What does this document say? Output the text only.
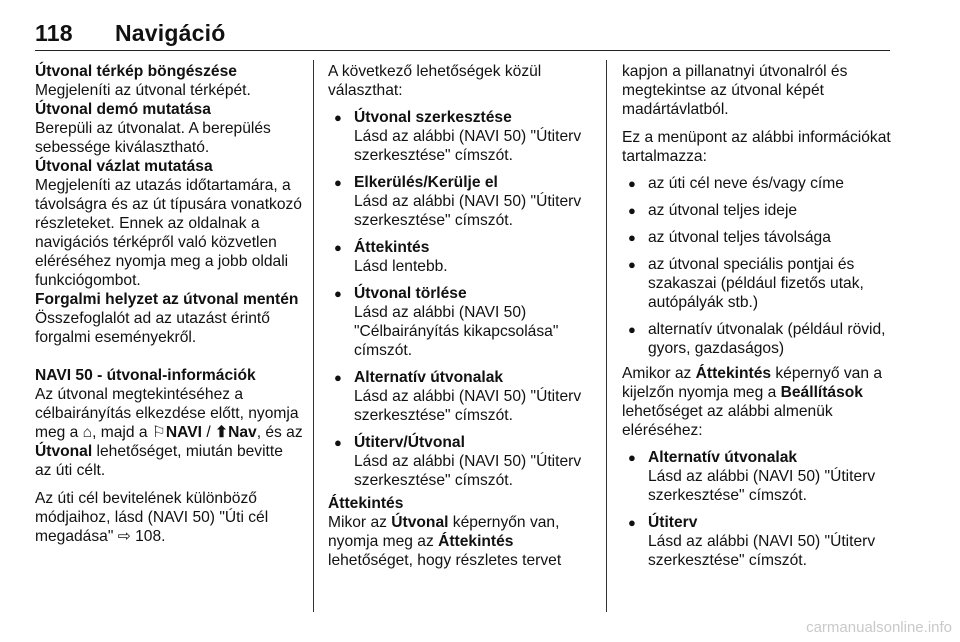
118 Navigáció
Útvonal térkép böngészése
Megjeleníti az útvonal térképét.
Útvonal demó mutatása
Berepüli az útvonalat. A berepülés sebessége kiválasztható.
Útvonal vázlat mutatása
Megjeleníti az utazás időtartamára, a távolságra és az út típusára vonatkozó részleteket. Ennek az oldalnak a navigációs térképről való közvetlen eléréséhez nyomja meg a jobb oldali funkciógombot.
Forgalmi helyzet az útvonal mentén
Összefoglalót ad az utazást érintő forgalmi eseményekről.
NAVI 50 - útvonal-információk
Az útvonal megtekintéséhez a célbairányítás elkezdése előtt, nyomja meg a ⌂, majd a ⚐NAVI / ⬆Nav, és az Útvonal lehetőséget, miután bevitte az úti célt.
Az úti cél bevitelének különböző módjaihoz, lásd (NAVI 50) "Úti cél megadása" ⇨ 108.
A következő lehetőségek közül választhat:
● Útvonal szerkesztése
Lásd az alábbi (NAVI 50) "Útiterv szerkesztése" címszót.
● Elkerülés/Kerülje el
Lásd az alábbi (NAVI 50) "Útiterv szerkesztése" címszót.
● Áttekintés
Lásd lentebb.
● Útvonal törlése
Lásd az alábbi (NAVI 50) "Célbairányítás kikapcsolása" címszót.
● Alternatív útvonalak
Lásd az alábbi (NAVI 50) "Útiterv szerkesztése" címszót.
● Útiterv/Útvonal
Lásd az alábbi (NAVI 50) "Útiterv szerkesztése" címszót.
Áttekintés
Mikor az Útvonal képernyőn van, nyomja meg az Áttekintés lehetőséget, hogy részletes tervet
kapjon a pillanatnyi útvonalról és megtekintse az útvonal képét madártávlatból.
Ez a menüpont az alábbi információkat tartalmazza:
● az úti cél neve és/vagy címe
● az útvonal teljes ideje
● az útvonal teljes távolsága
● az útvonal speciális pontjai és szakaszai (például fizetős utak, autópályák stb.)
● alternatív útvonalak (például rövid, gyors, gazdaságos)
Amikor az Áttekintés képernyő van a kijelzőn nyomja meg a Beállítások lehetőséget az alábbi almenük eléréséhez:
● Alternatív útvonalak
Lásd az alábbi (NAVI 50) "Útiterv szerkesztése" címszót.
● Útiterv
Lásd az alábbi (NAVI 50) "Útiterv szerkesztése" címszót.
carmanualsonline.info
